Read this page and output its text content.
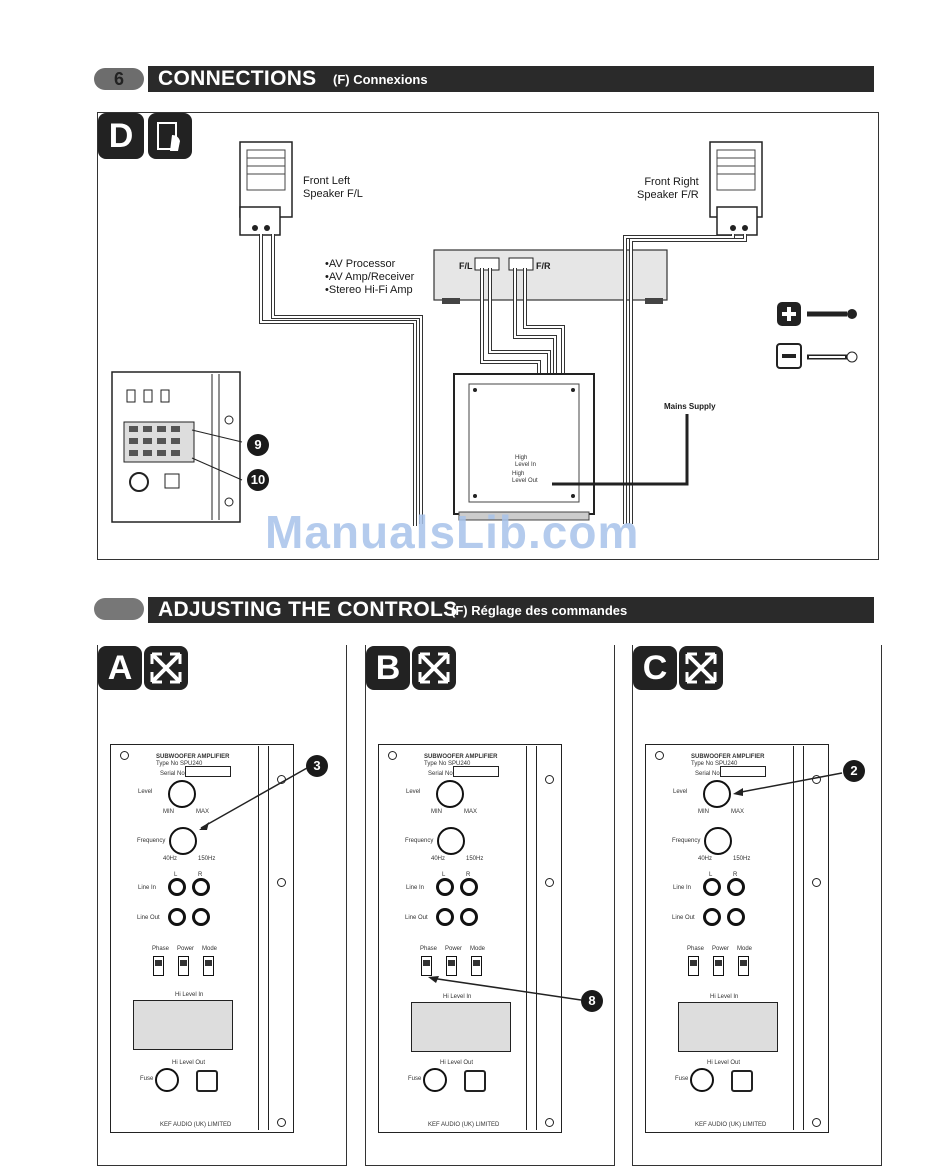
6	CONNECTIONS (F) Connexions
D
Front Left
Speaker F/L
Front Right
Speaker F/R
•AV Processor
•AV Amp/Receiver
•Stereo Hi-Fi Amp
F/L	F/R
Mains Supply
High
Level In
High
Level Out
9
10
ManualsLib.com
ADJUSTING THE CONTROLS
(F) Réglage des commandes
A
SUBWOOFER AMPLIFIER
Type No SPU240
Serial No
Level
MIN	MAX
Frequency
40Hz	150Hz
L	R
Line In
Line Out
Phase Power Mode
Hi Level In
Hi Level Out
Fuse
KEF AUDIO (UK) LIMITED
3
B
SUBWOOFER AMPLIFIER
Type No SPU240
Serial No
Level
MIN	MAX
Frequency
40Hz	150Hz
L	R
Line In
Line Out
Phase Power Mode
Hi Level In
Hi Level Out
Fuse
KEF AUDIO (UK) LIMITED
8
C
SUBWOOFER AMPLIFIER
Type No SPU240
Serial No
Level
MIN	MAX
Frequency
40Hz	150Hz
L	R
Line In
Line Out
Phase Power Mode
Hi Level In
Hi Level Out
Fuse
KEF AUDIO (UK) LIMITED
2
